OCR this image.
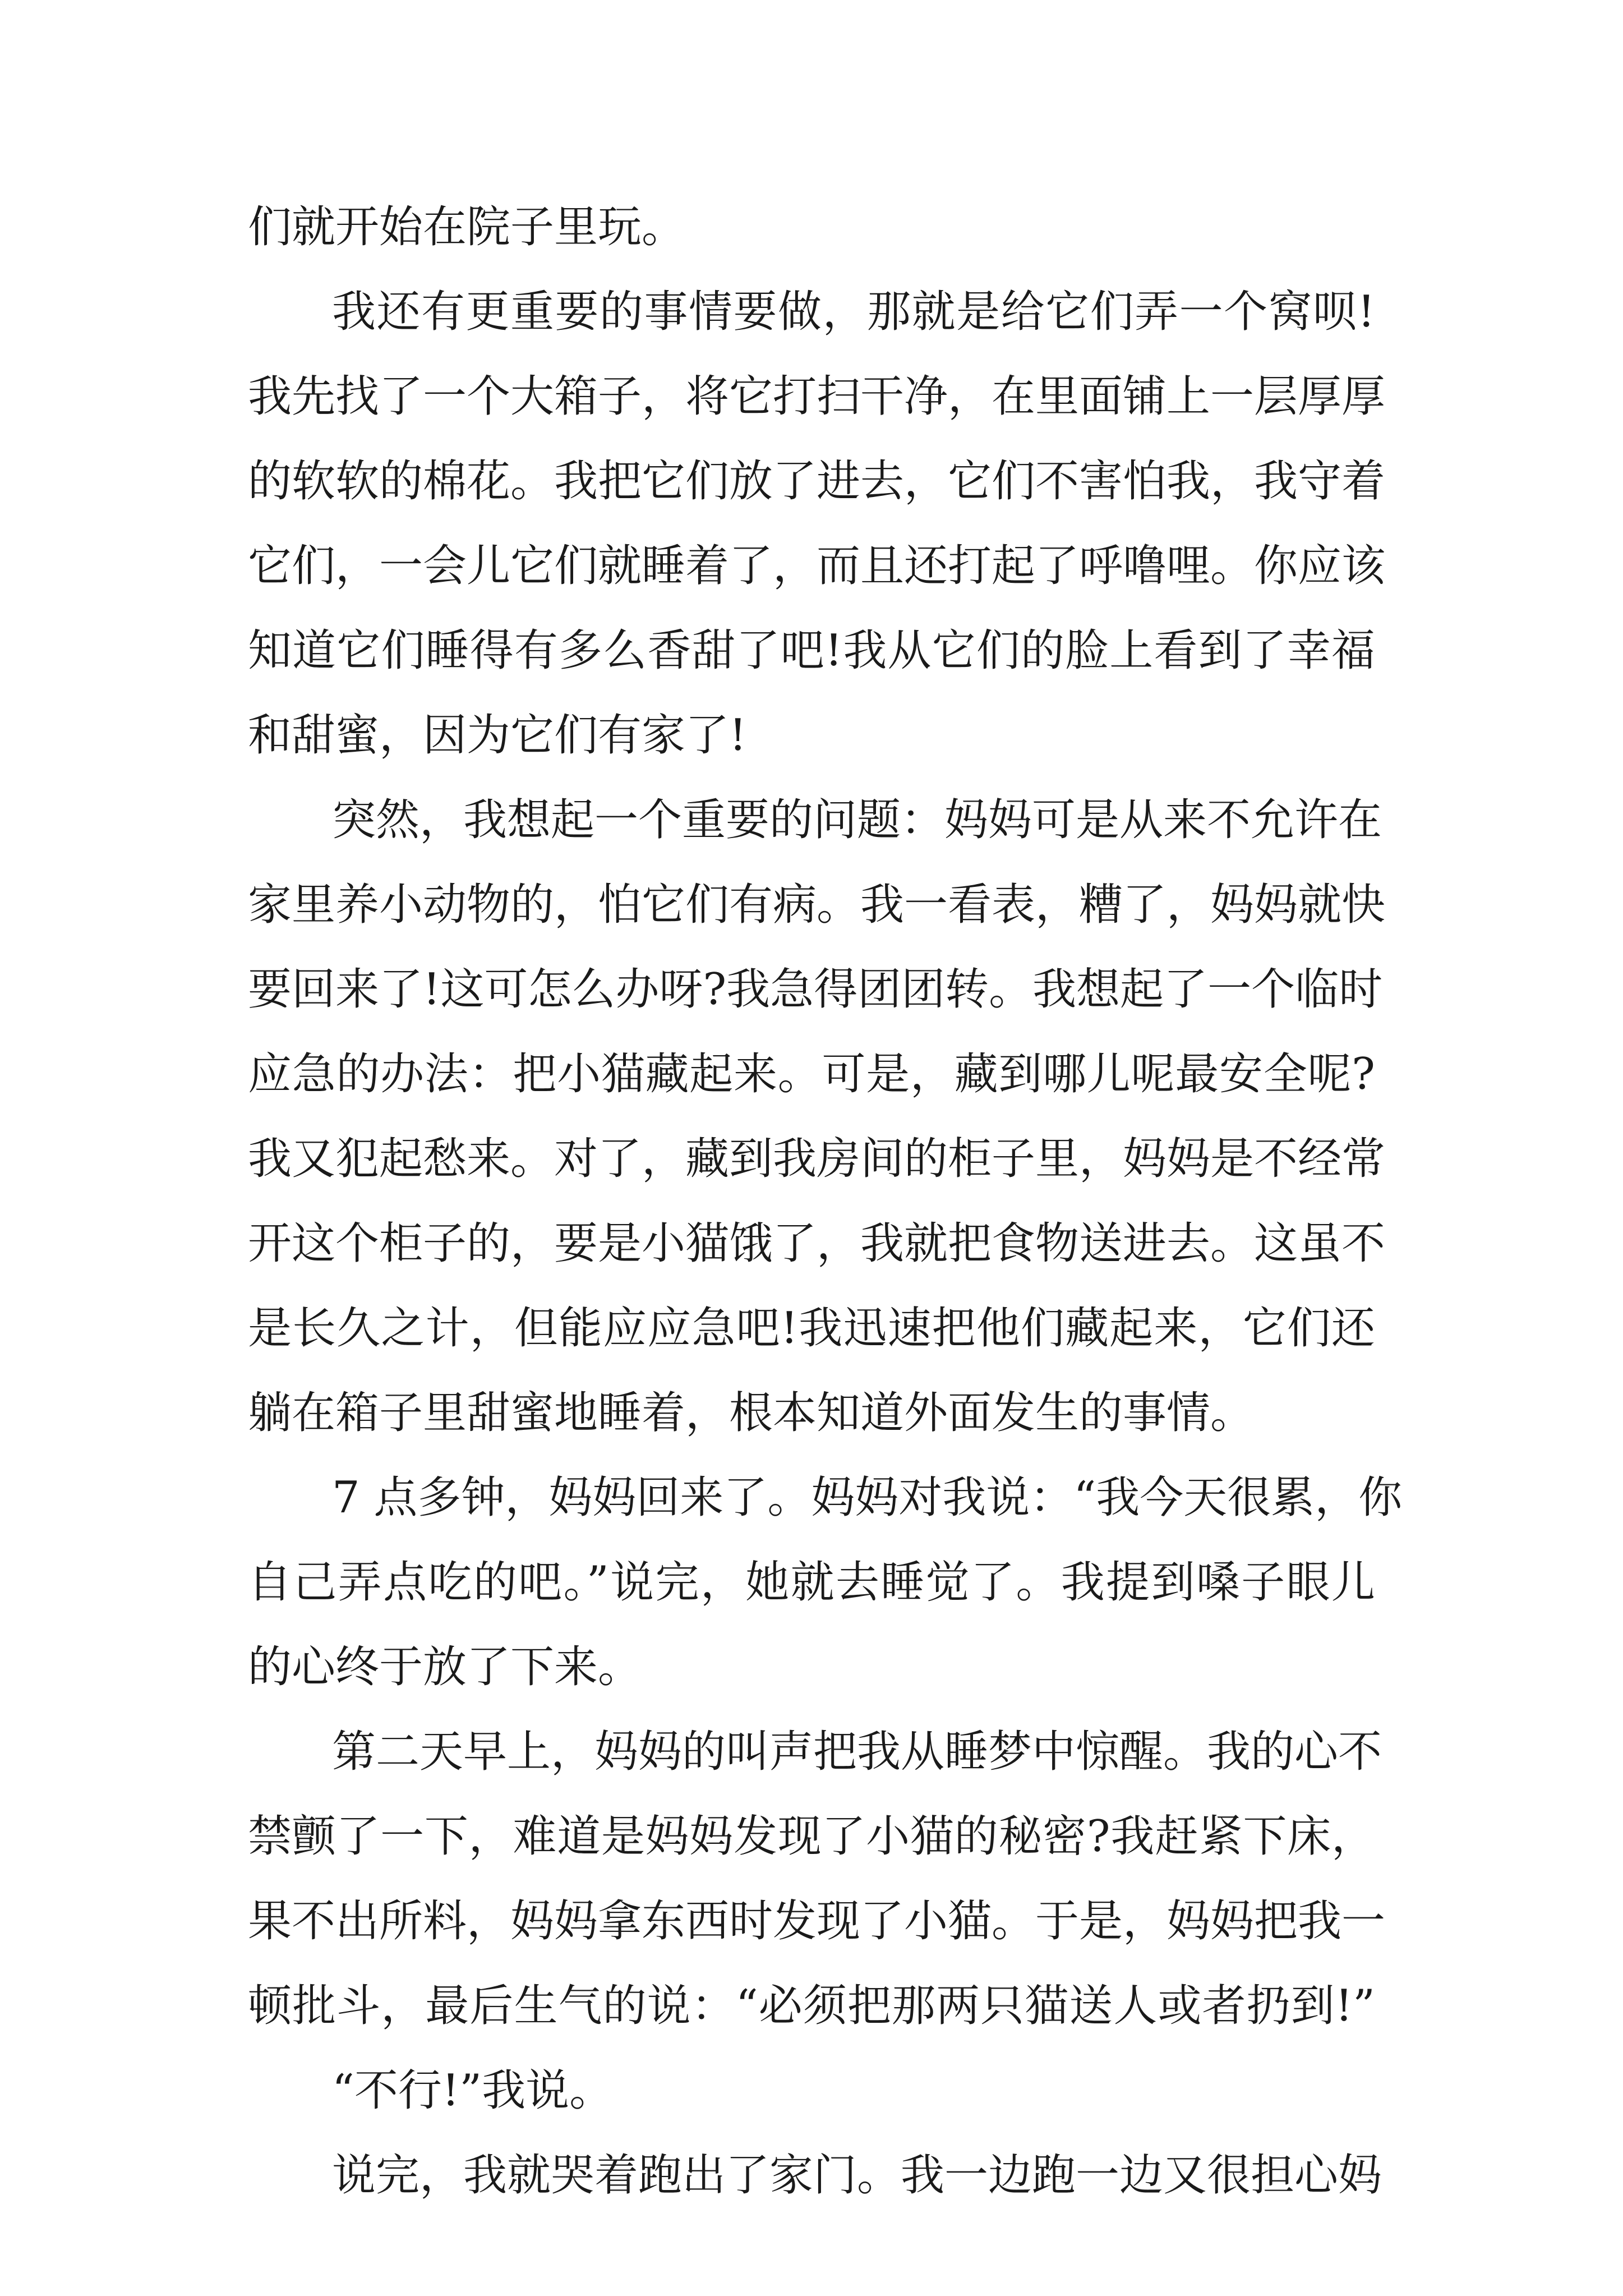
们就开始在院子里玩。
我还有更重要的事情要做，那就是给它们弄一个窝呗!
我先找了一个大箱子，将它打扫干净，在里面铺上一层厚厚
的软软的棉花。我把它们放了进去，它们不害怕我，我守着
它们，一会儿它们就睡着了，而且还打起了呼噜哩。你应该
知道它们睡得有多么香甜了吧!我从它们的脸上看到了幸福
和甜蜜，因为它们有家了!
突然，我想起一个重要的问题：妈妈可是从来不允许在
家里养小动物的，怕它们有病。我一看表，糟了，妈妈就快
要回来了!这可怎么办呀?我急得团团转。我想起了一个临时
应急的办法：把小猫藏起来。可是，藏到哪儿呢最安全呢?
我又犯起愁来。对了，藏到我房间的柜子里，妈妈是不经常
开这个柜子的，要是小猫饿了，我就把食物送进去。这虽不
是长久之计，但能应应急吧!我迅速把他们藏起来，它们还
躺在箱子里甜蜜地睡着，根本知道外面发生的事情。
7 点多钟，妈妈回来了。妈妈对我说：“我今天很累，你
自己弄点吃的吧。”说完，她就去睡觉了。我提到嗓子眼儿
的心终于放了下来。
第二天早上，妈妈的叫声把我从睡梦中惊醒。我的心不
禁颤了一下，难道是妈妈发现了小猫的秘密?我赶紧下床，
果不出所料，妈妈拿东西时发现了小猫。于是，妈妈把我一
顿批斗，最后生气的说：“必须把那两只猫送人或者扔到!”
“不行!”我说。
说完，我就哭着跑出了家门。我一边跑一边又很担心妈
